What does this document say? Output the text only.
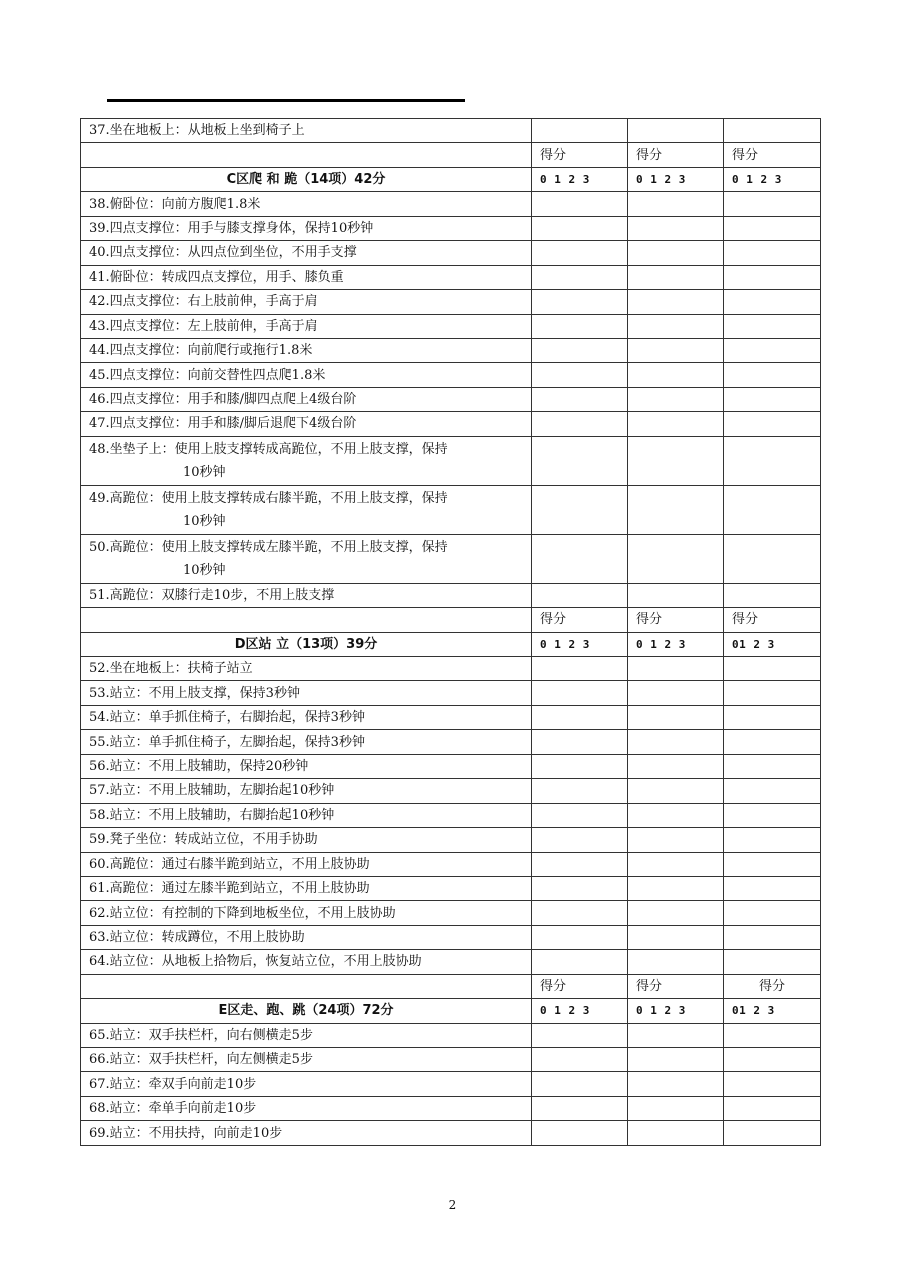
37.坐在地板上：从地板上坐到椅子上			
	得分	得分	得分
C区爬 和 跪（14项）42分	0 1 2 3	0 1 2 3	0 1 2 3
38.俯卧位：向前方腹爬1.8米			
39.四点支撑位：用手与膝支撑身体，保持10秒钟			
40.四点支撑位：从四点位到坐位，不用手支撑			
41.俯卧位：转成四点支撑位，用手、膝负重			
42.四点支撑位：右上肢前伸，手高于肩			
43.四点支撑位：左上肢前伸，手高于肩			
44.四点支撑位：向前爬行或拖行1.8米			
45.四点支撑位：向前交替性四点爬1.8米			
46.四点支撑位：用手和膝/脚四点爬上4级台阶			
47.四点支撑位：用手和膝/脚后退爬下4级台阶			
48.坐垫子上：使用上肢支撑转成高跪位，不用上肢支撑，保持
10秒钟			

49.高跪位：使用上肢支撑转成右膝半跪，不用上肢支撑，保持
10秒钟			

50.高跪位：使用上肢支撑转成左膝半跪，不用上肢支撑，保持
10秒钟			

51.高跪位：双膝行走10步，不用上肢支撑			
	得分	得分	得分
D区站 立（13项）39分	0 1 2 3	0 1 2 3	01 2 3
52.坐在地板上：扶椅子站立			
53.站立：不用上肢支撑，保持3秒钟			
54.站立：单手抓住椅子，右脚抬起，保持3秒钟			
55.站立：单手抓住椅子，左脚抬起，保持3秒钟			
56.站立：不用上肢辅助，保持20秒钟			
57.站立：不用上肢辅助，左脚抬起10秒钟			
58.站立：不用上肢辅助，右脚抬起10秒钟			
59.凳子坐位：转成站立位，不用手协助			
60.高跪位：通过右膝半跪到站立，不用上肢协助			
61.高跪位：通过左膝半跪到站立，不用上肢协助			
62.站立位：有控制的下降到地板坐位，不用上肢协助			
63.站立位：转成蹲位，不用上肢协助			
64.站立位：从地板上拾物后，恢复站立位，不用上肢协助			
	得分	得分	得分
E区走、跑、跳（24项）72分	0 1 2 3	0 1 2 3	01 2 3
65.站立：双手扶栏杆，向右侧横走5步			
66.站立：双手扶栏杆，向左侧横走5步			
67.站立：牵双手向前走10步			
68.站立：牵单手向前走10步			
69.站立：不用扶持，向前走10步			
2
